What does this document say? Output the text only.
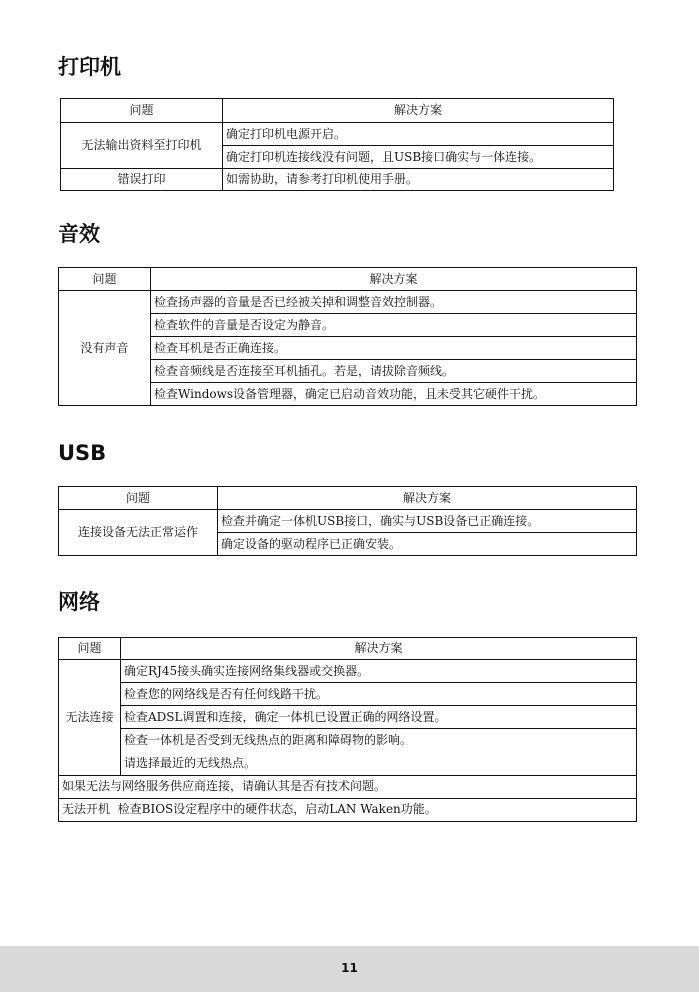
打印机
问题	解决方案
无法输出资料至打印机	确定打印机电源开启。
	确定打印机连接线没有问题，且USB接口确实与一体连接。
错误打印	如需协助，请参考打印机使用手册。
音效
问题	解决方案
没有声音	检查扬声器的音量是否已经被关掉和调整音效控制器。
	检查软件的音量是否设定为静音。
	检查耳机是否正确连接。
	检查音频线是否连接至耳机插孔。若是，请拔除音频线。
	检查Windows设备管理器，确定已启动音效功能，且未受其它硬件干扰。
USB
问题	解决方案
连接设备无法正常运作	检查并确定一体机USB接口，确实与USB设备已正确连接。
	确定设备的驱动程序已正确安装。
网络
问题	解决方案
无法连接	确定RJ45接头确实连接网络集线器或交换器。
	检查您的网络线是否有任何线路干扰。
	检查ADSL调置和连接，确定一体机已设置正确的网络设置。
	检查一体机是否受到无线热点的距离和障碍物的影响。
请选择最近的无线热点。
如果无法与网络服务供应商连接，请确认其是否有技术问题。	
无法开机 检查BIOS设定程序中的硬件状态，启动LAN Waken功能。	
11
